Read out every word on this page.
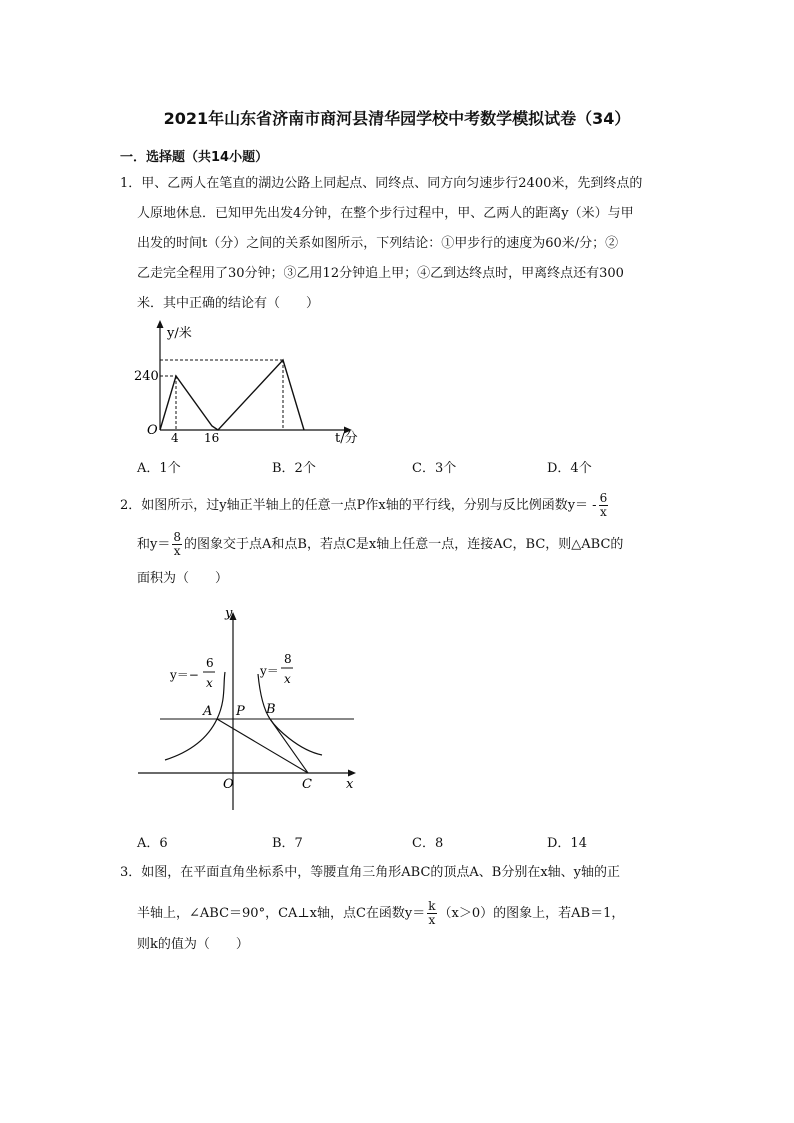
2021年山东省济南市商河县清华园学校中考数学模拟试卷（34）
一．选择题（共14小题）
1．甲、乙两人在笔直的湖边公路上同起点、同终点、同方向匀速步行2400米，先到终点的
人原地休息．已知甲先出发4分钟，在整个步行过程中，甲、乙两人的距离y（米）与甲
出发的时间t（分）之间的关系如图所示，下列结论：①甲步行的速度为60米/分；②
乙走完全程用了30分钟；③乙用12分钟追上甲；④乙到达终点时，甲离终点还有300
米．其中正确的结论有（　　）
y/米
t/分
O
240
4 16
A．1个	B．2个	C．3个	D．4个
2．如图所示，过y轴正半轴上的任意一点P作x轴的平行线，分别与反比例函数$y= - \frac{6}{x}$
和$y= \frac{8}{x}$ 的图象交于点A和点B，若点C是x轴上任意一点，连接AC，BC，则△ABC的
面积为（　　）
y
x
O	C
A P B
y＝−
6
x
y＝
8
x
A．6	B．7	C．8	D．14
3．如图，在平面直角坐标系中，等腰直角三角形ABC的顶点A、B分别在x轴、y轴的正
半轴上，∠ABC＝90°，CA⊥x轴，点C在函数$y= \frac{k}{x} (x>0)$的图象上，若AB＝1，
则k的值为（　　）
